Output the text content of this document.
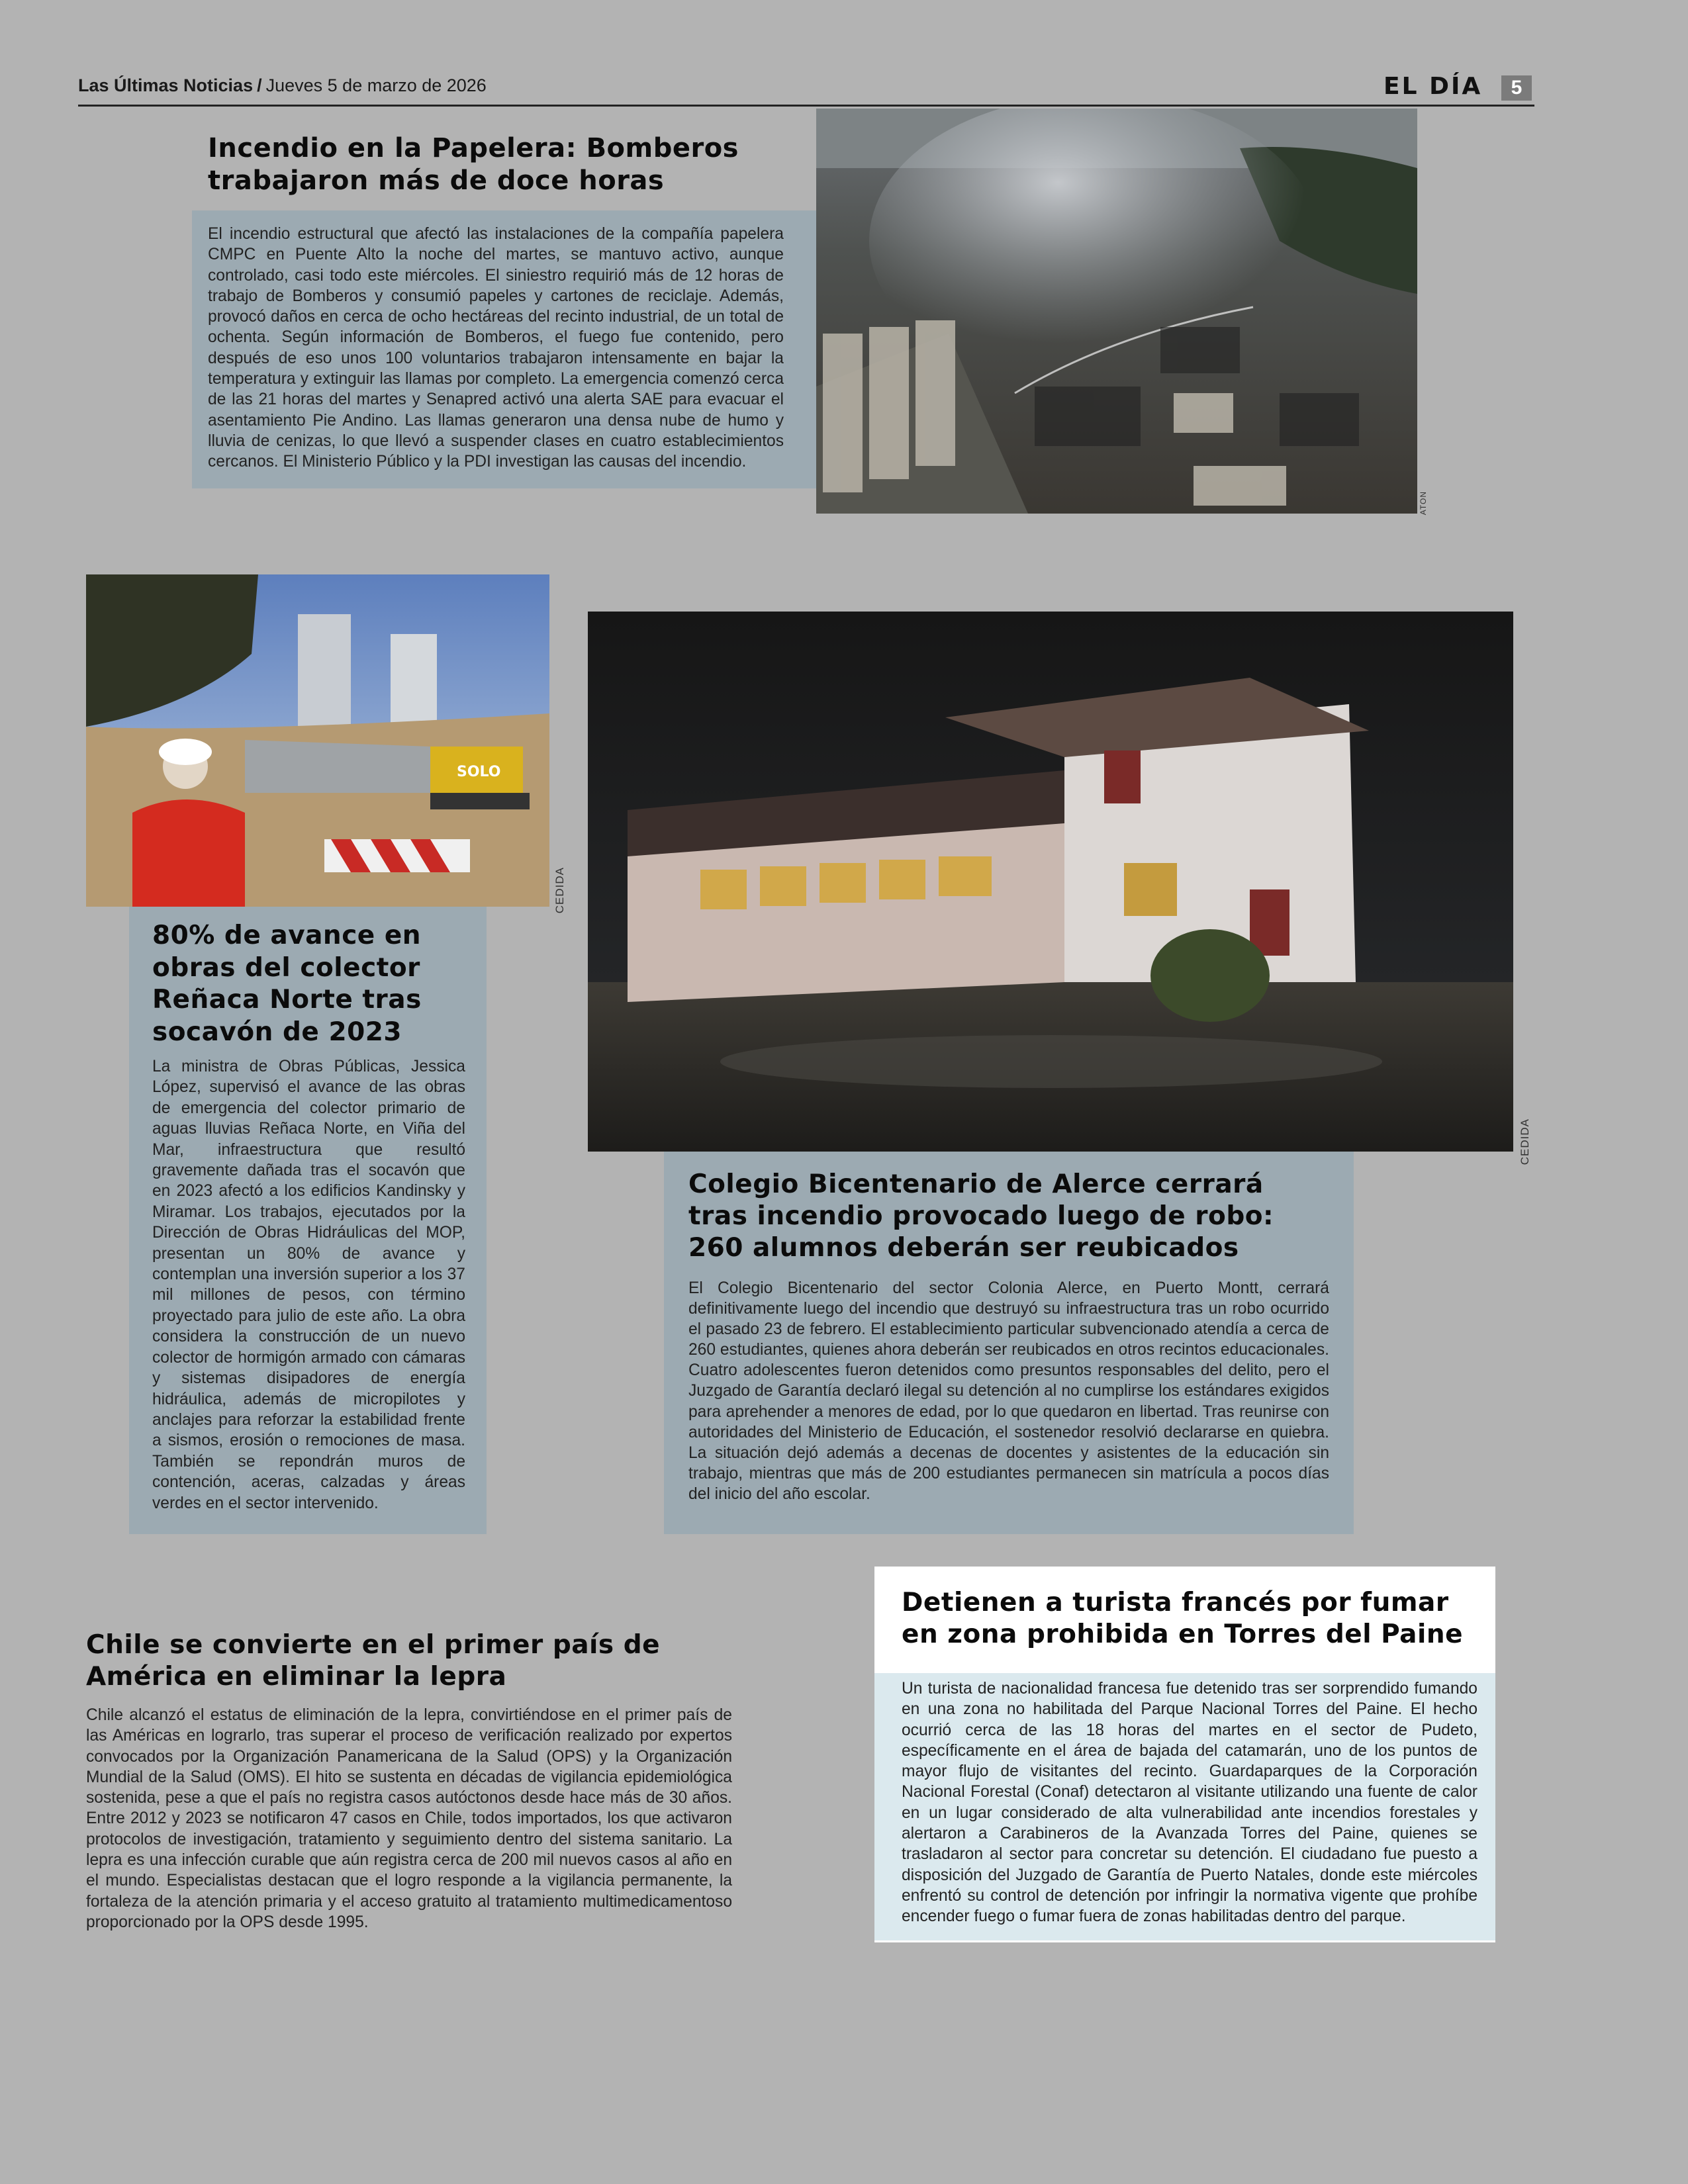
Las Últimas Noticias / Jueves 5 de marzo de 2026	EL DÍA	5
Incendio en la Papelera: Bomberos trabajaron más de doce horas
El incendio estructural que afectó las instalaciones de la compañía papelera CMPC en Puente Alto la noche del martes, se mantuvo activo, aunque controlado, casi todo este miércoles. El siniestro requirió más de 12 horas de trabajo de Bomberos y consumió papeles y cartones de reciclaje. Además, provocó daños en cerca de ocho hectáreas del recinto industrial, de un total de ochenta. Según información de Bomberos, el fuego fue contenido, pero después de eso unos 100 voluntarios trabajaron intensamente en bajar la temperatura y extinguir las llamas por completo. La emergencia comenzó cerca de las 21 horas del martes y Senapred activó una alerta SAE para evacuar el asentamiento Pie Andino. Las llamas generaron una densa nube de humo y lluvia de cenizas, lo que llevó a suspender clases en cuatro establecimientos cercanos. El Ministerio Público y la PDI investigan las causas del incendio.
ATON
SOLO
CEDIDA
80% de avance en obras del colector Reñaca Norte tras socavón de 2023
La ministra de Obras Públicas, Jessica López, supervisó el avance de las obras de emergencia del colector primario de aguas lluvias Reñaca Norte, en Viña del Mar, infraestructura que resultó gravemente dañada tras el socavón que en 2023 afectó a los edificios Kandinsky y Miramar. Los trabajos, ejecutados por la Dirección de Obras Hidráulicas del MOP, presentan un 80% de avance y contemplan una inversión superior a los 37 mil millones de pesos, con término proyectado para julio de este año. La obra considera la construcción de un nuevo colector de hormigón armado con cámaras y sistemas disipadores de energía hidráulica, además de micropilotes y anclajes para reforzar la estabilidad frente a sismos, erosión o remociones de masa. También se repondrán muros de contención, aceras, calzadas y áreas verdes en el sector intervenido.
CEDIDA
Colegio Bicentenario de Alerce cerrará tras incendio provocado luego de robo: 260 alumnos deberán ser reubicados
El Colegio Bicentenario del sector Colonia Alerce, en Puerto Montt, cerrará definitivamente luego del incendio que destruyó su infraestructura tras un robo ocurrido el pasado 23 de febrero. El establecimiento particular subvencionado atendía a cerca de 260 estudiantes, quienes ahora deberán ser reubicados en otros recintos educacionales. Cuatro adolescentes fueron detenidos como presuntos responsables del delito, pero el Juzgado de Garantía declaró ilegal su detención al no cumplirse los estándares exigidos para aprehender a menores de edad, por lo que quedaron en libertad. Tras reunirse con autoridades del Ministerio de Educación, el sostenedor resolvió declararse en quiebra. La situación dejó además a decenas de docentes y asistentes de la educación sin trabajo, mientras que más de 200 estudiantes permanecen sin matrícula a pocos días del inicio del año escolar.
Chile se convierte en el primer país de América en eliminar la lepra
Chile alcanzó el estatus de eliminación de la lepra, convirtiéndose en el primer país de las Américas en lograrlo, tras superar el proceso de verificación realizado por expertos convocados por la Organización Panamericana de la Salud (OPS) y la Organización Mundial de la Salud (OMS). El hito se sustenta en décadas de vigilancia epidemiológica sostenida, pese a que el país no registra casos autóctonos desde hace más de 30 años. Entre 2012 y 2023 se notificaron 47 casos en Chile, todos importados, los que activaron protocolos de investigación, tratamiento y seguimiento dentro del sistema sanitario. La lepra es una infección curable que aún registra cerca de 200 mil nuevos casos al año en el mundo. Especialistas destacan que el logro responde a la vigilancia permanente, la fortaleza de la atención primaria y el acceso gratuito al tratamiento multimedicamentoso proporcionado por la OPS desde 1995.
Detienen a turista francés por fumar en zona prohibida en Torres del Paine
Un turista de nacionalidad francesa fue detenido tras ser sorprendido fumando en una zona no habilitada del Parque Nacional Torres del Paine. El hecho ocurrió cerca de las 18 horas del martes en el sector de Pudeto, específicamente en el área de bajada del catamarán, uno de los puntos de mayor flujo de visitantes del recinto. Guardaparques de la Corporación Nacional Forestal (Conaf) detectaron al visitante utilizando una fuente de calor en un lugar considerado de alta vulnerabilidad ante incendios forestales y alertaron a Carabineros de la Avanzada Torres del Paine, quienes se trasladaron al sector para concretar su detención. El ciudadano fue puesto a disposición del Juzgado de Garantía de Puerto Natales, donde este miércoles enfrentó su control de detención por infringir la normativa vigente que prohíbe encender fuego o fumar fuera de zonas habilitadas dentro del parque.
